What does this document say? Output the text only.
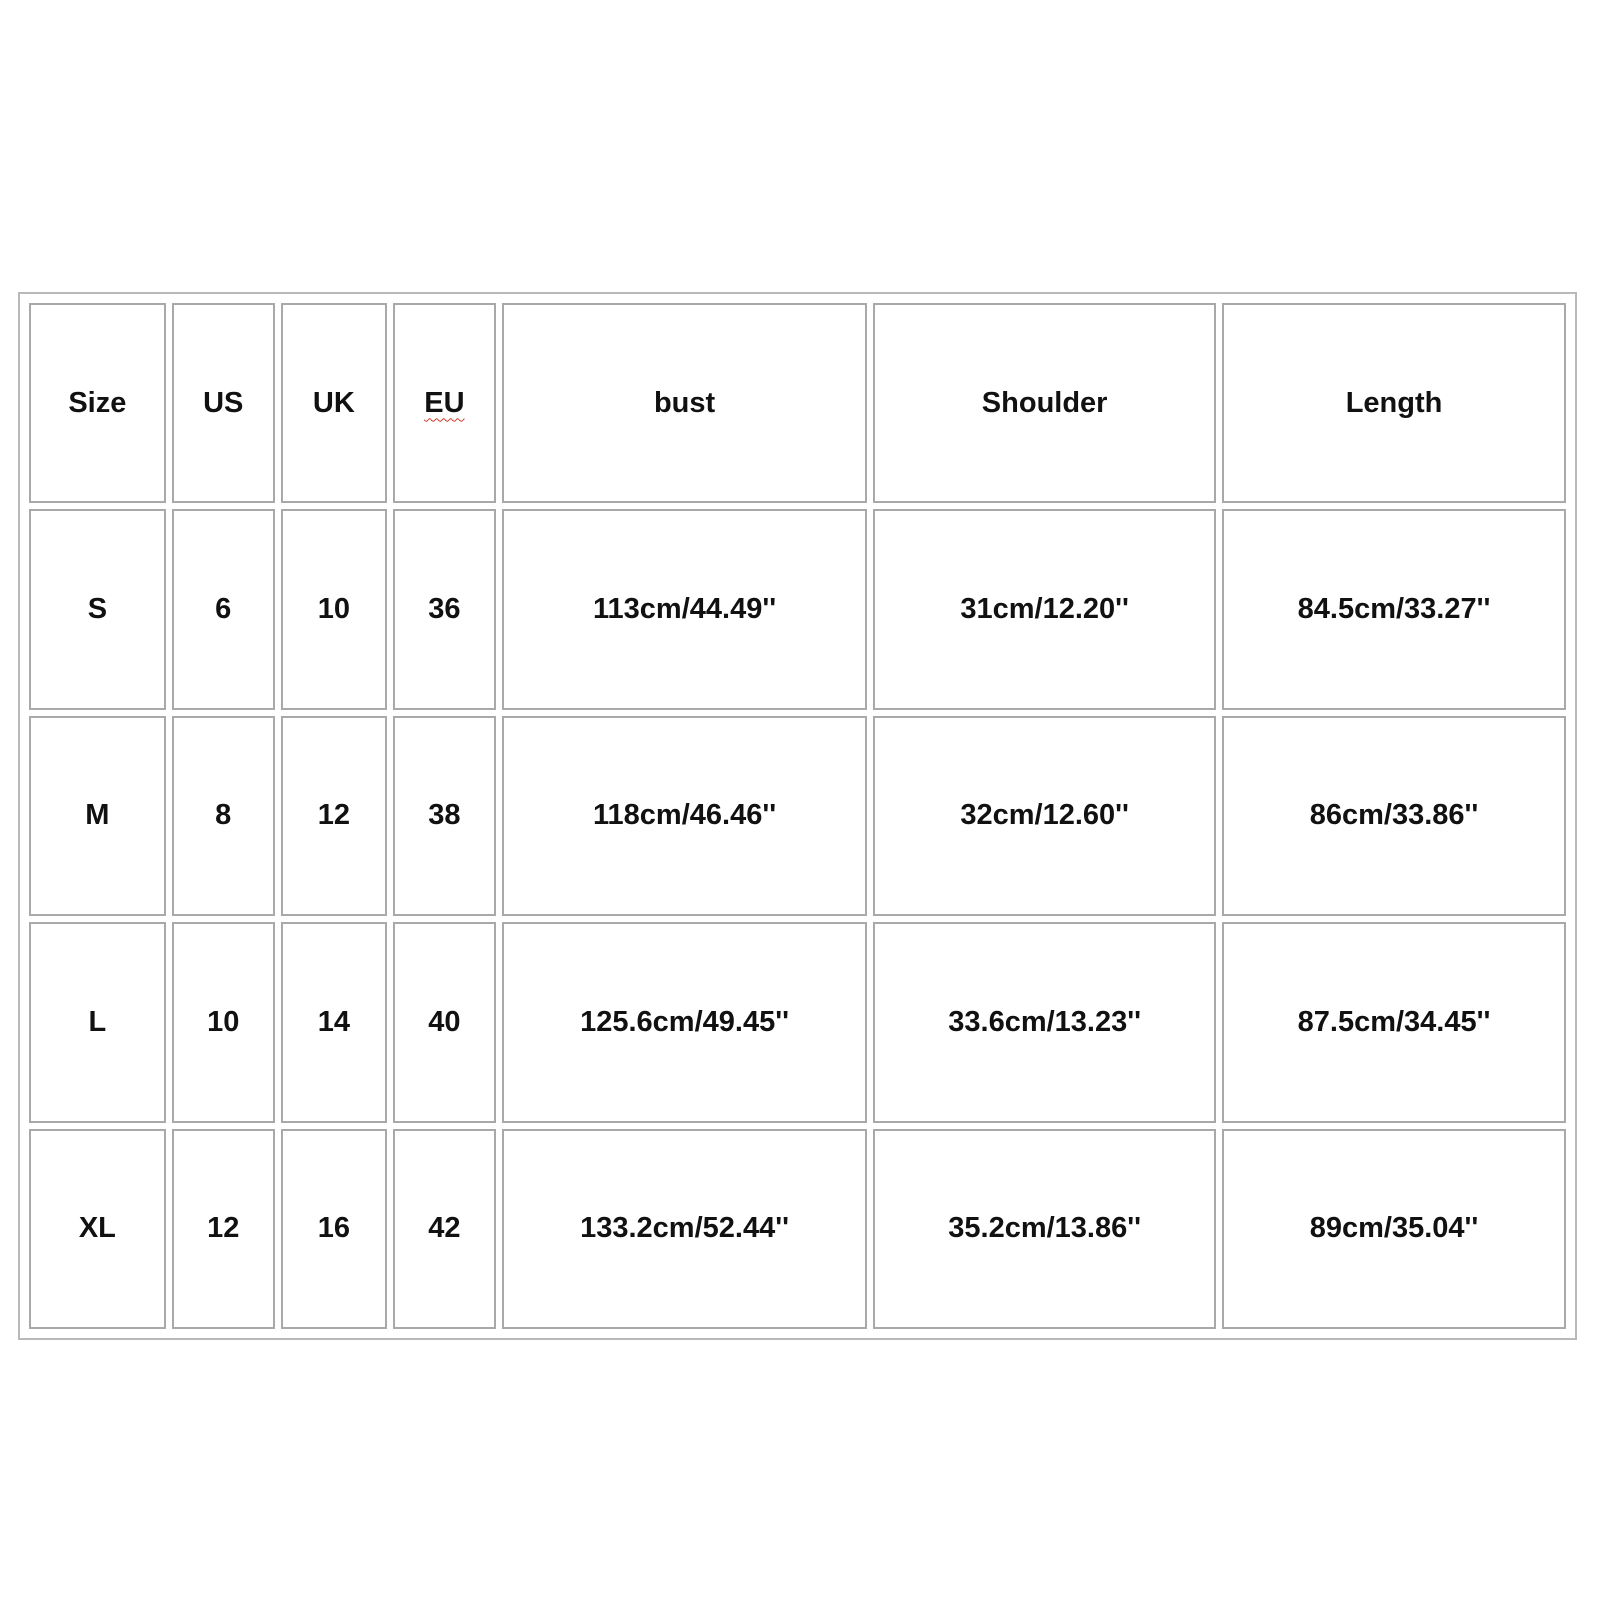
Size	US	UK	EU	bust	Shoulder	Length
S	6	10	36	113cm/44.49''	31cm/12.20''	84.5cm/33.27''
M	8	12	38	118cm/46.46''	32cm/12.60''	86cm/33.86''
L	10	14	40	125.6cm/49.45''	33.6cm/13.23''	87.5cm/34.45''
XL	12	16	42	133.2cm/52.44''	35.2cm/13.86''	89cm/35.04''
